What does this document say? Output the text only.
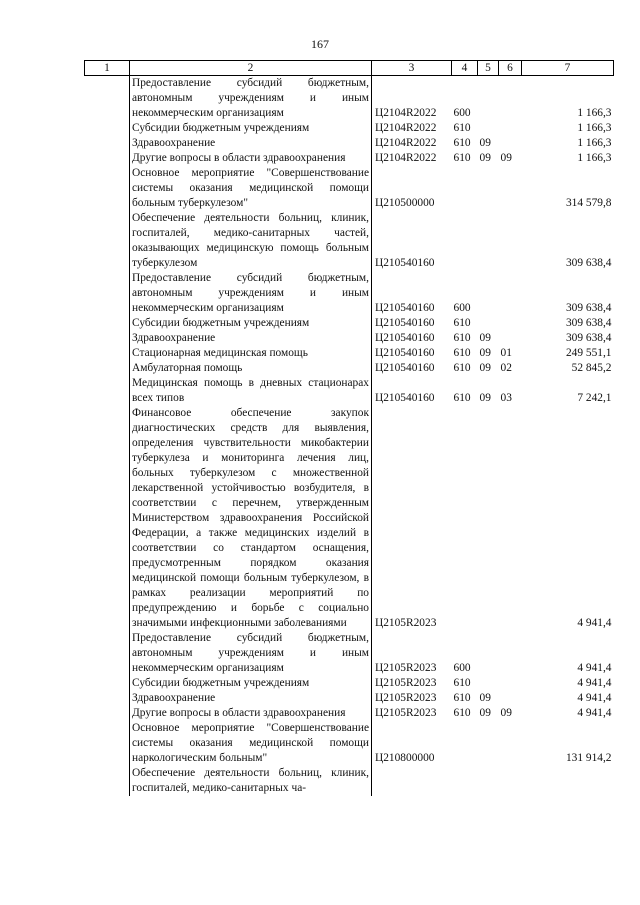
167
1	2	3	4	5	6	7
	Предоставление субсидий бюджетным, автономным учреждениям и иным некоммерческим организациям	Ц2104R2022	600			1 166,3
	Субсидии бюджетным учреждениям	Ц2104R2022	610			1 166,3
	Здравоохранение	Ц2104R2022	610	09		1 166,3
	Другие вопросы в области здравоохранения	Ц2104R2022	610	09	09	1 166,3
	Основное мероприятие "Совершенствование системы оказания медицинской помощи больным туберкулезом"	Ц210500000				314 579,8
	Обеспечение деятельности больниц, клиник, госпиталей, медико-санитарных частей, оказывающих медицинскую помощь больным туберкулезом	Ц210540160				309 638,4
	Предоставление субсидий бюджетным, автономным учреждениям и иным некоммерческим организациям	Ц210540160	600			309 638,4
	Субсидии бюджетным учреждениям	Ц210540160	610			309 638,4
	Здравоохранение	Ц210540160	610	09		309 638,4
	Стационарная медицинская помощь	Ц210540160	610	09	01	249 551,1
	Амбулаторная помощь	Ц210540160	610	09	02	52 845,2
	Медицинская помощь в дневных стационарах всех типов	Ц210540160	610	09	03	7 242,1
	Финансовое обеспечение закупок диагностических средств для выявления, определения чувствительности микобактерии туберкулеза и мониторинга лечения лиц, больных туберкулезом с множественной лекарственной устойчивостью возбудителя, в соответствии с перечнем, утвержденным Министерством здравоохранения Российской Федерации, а также медицинских изделий в соответствии со стандартом оснащения, предусмотренным порядком оказания медицинской помощи больным туберкулезом, в рамках реализации мероприятий по предупреждению и борьбе с социально значимыми инфекционными заболеваниями	Ц2105R2023				4 941,4
	Предоставление субсидий бюджетным, автономным учреждениям и иным некоммерческим организациям	Ц2105R2023	600			4 941,4
	Субсидии бюджетным учреждениям	Ц2105R2023	610			4 941,4
	Здравоохранение	Ц2105R2023	610	09		4 941,4
	Другие вопросы в области здравоохранения	Ц2105R2023	610	09	09	4 941,4
	Основное мероприятие "Совершенствование системы оказания медицинской помощи наркологическим больным"	Ц210800000				131 914,2
	Обеспечение деятельности больниц, клиник, госпиталей, медико-санитарных ча-					
